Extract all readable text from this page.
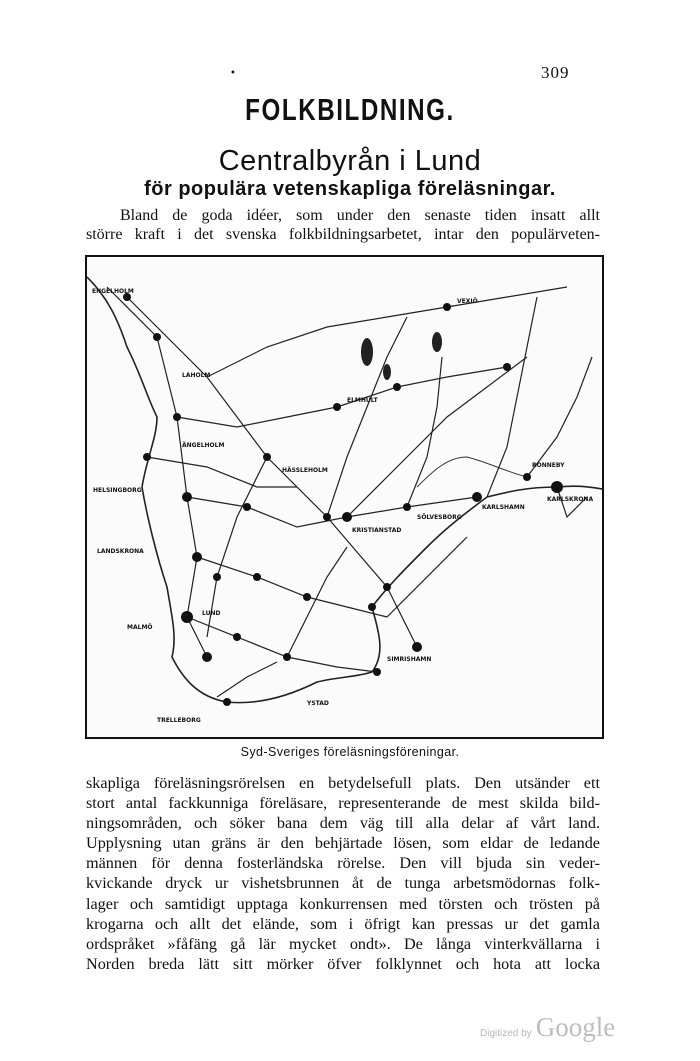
•	309
FOLKBILDNING.
Centralbyrån i Lund
för populära vetenskapliga föreläsningar.

Bland de goda idéer, som under den senaste tiden insatt allt
större kraft i det svenska folkbildningsarbetet, intar den populärveten-

ENGELHOLM
HELSINGBORG
LANDSKRONA
MALMÖ
LUND
TRELLEBORG
YSTAD
SIMRISHAMN
KRISTIANSTAD
SÖLVESBORG
KARLSHAMN
KARLSKRONA
RONNEBY
VEXIÖ
ELMHULT
LAHOLM
HÄSSLEHOLM
ÄNGELHOLM

Syd-Sveriges föreläsningsföreningar.

skapliga föreläsningsrörelsen en betydelsefull plats. Den utsänder ett
stort antal fackkunniga föreläsare, representerande de mest skilda bild-
ningsområden, och söker bana dem väg till alla delar af vårt land.
Upplysning utan gräns är den behjärtade lösen, som eldar de ledande
männen för denna fosterländska rörelse. Den vill bjuda sin veder-
kvickande dryck ur vishetsbrunnen åt de tunga arbetsmödornas folk-
lager och samtidigt upptaga konkurrensen med törsten och trösten på
krogarna och allt det elände, som i öfrigt kan pressas ur det gamla
ordspråket »fåfäng gå lär mycket ondt». De långa vinterkvällarna i
Norden breda lätt sitt mörker öfver folklynnet och hota att locka

Digitized by Google
